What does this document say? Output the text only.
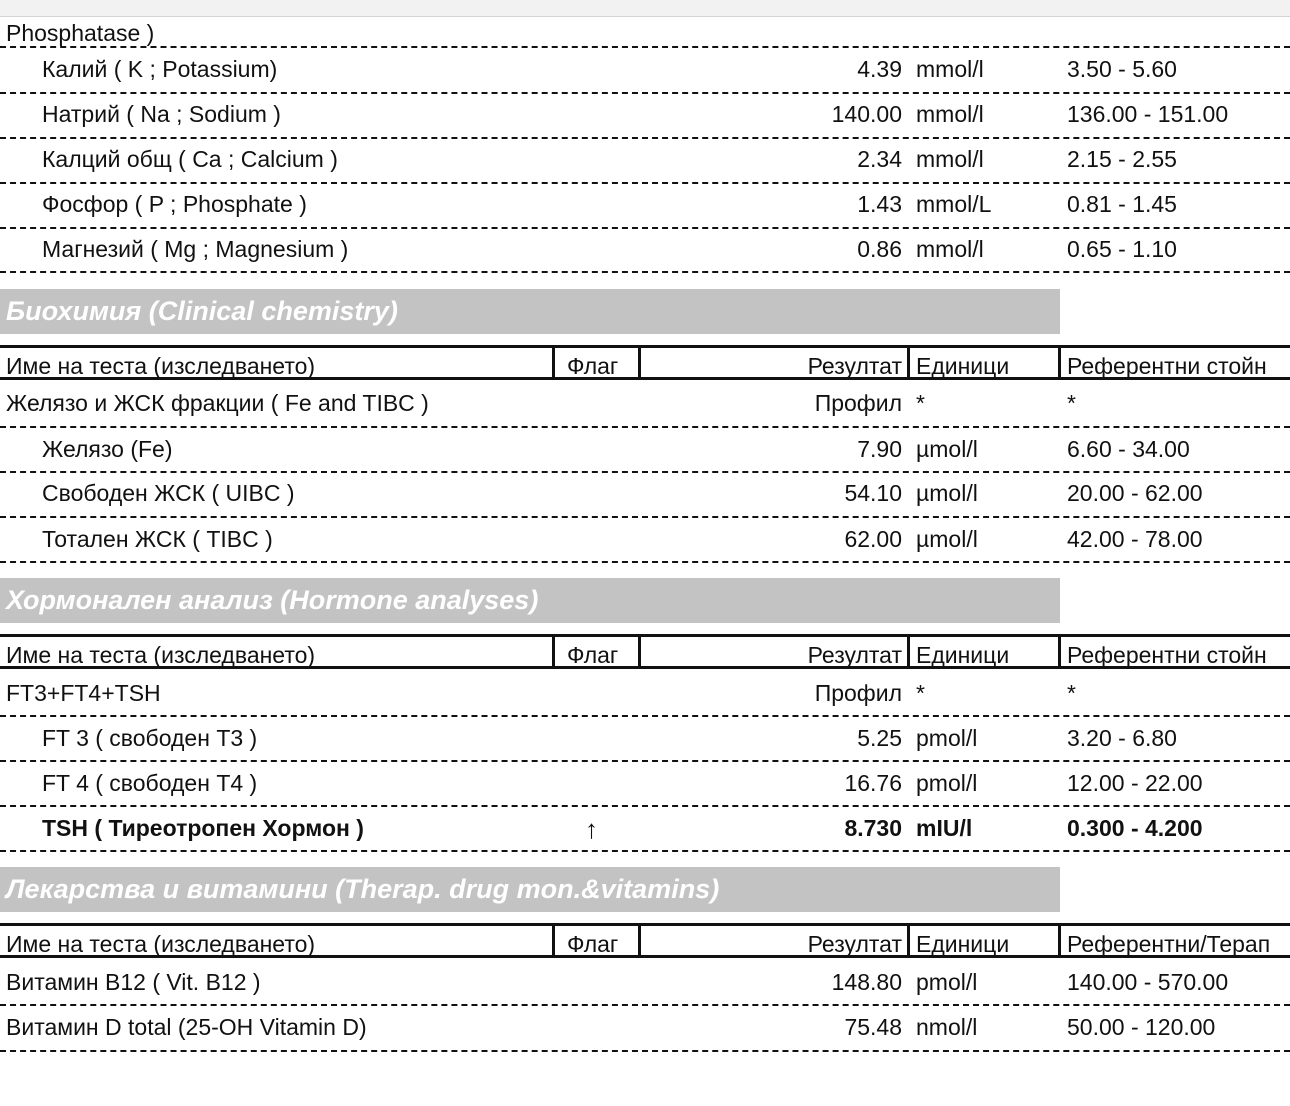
Phosphatase )
Калий ( K ; Potassium)	4.39 mmol/l	3.50 - 5.60
Натрий ( Na ; Sodium )	140.00 mmol/l	136.00 - 151.00
Калций общ ( Ca ; Calcium )	2.34 mmol/l	2.15 - 2.55
Фосфор ( P ; Phosphate )	1.43 mmol/L	0.81 - 1.45
Магнезий ( Mg ; Magnesium )	0.86 mmol/l	0.65 - 1.10
Биохимия (Clinical chemistry)
Име на теста (изследването)	Флаг	Резултат Единици	Референтни стойн
Желязо и ЖСК фракции ( Fe and TIBC )	Профил *	*
Желязо (Fe)	7.90 µmol/l	6.60 - 34.00
Свободен ЖСК ( UIBC )	54.10 µmol/l	20.00 - 62.00
Тотален ЖСК ( TIBC )	62.00 µmol/l	42.00 - 78.00
Хормонален анализ (Hormone analyses)
Име на теста (изследването)	Флаг	Резултат Единици	Референтни стойн
FT3+FT4+TSH	Профил *	*
FT 3 ( свободен T3 )	5.25 pmol/l	3.20 - 6.80
FT 4 ( свободен T4 )	16.76 pmol/l	12.00 - 22.00
TSH ( Тиреотропен Хормон )	↑	8.730 mIU/l	0.300 - 4.200
Лекарства и витамини (Therap. drug mon.&vitamins)
Име на теста (изследването)	Флаг	Резултат Единици	Референтни/Терап
Витамин B12 ( Vit. B12 )	148.80 pmol/l	140.00 - 570.00
Витамин D total (25-OH Vitamin D)	75.48 nmol/l	50.00 - 120.00
